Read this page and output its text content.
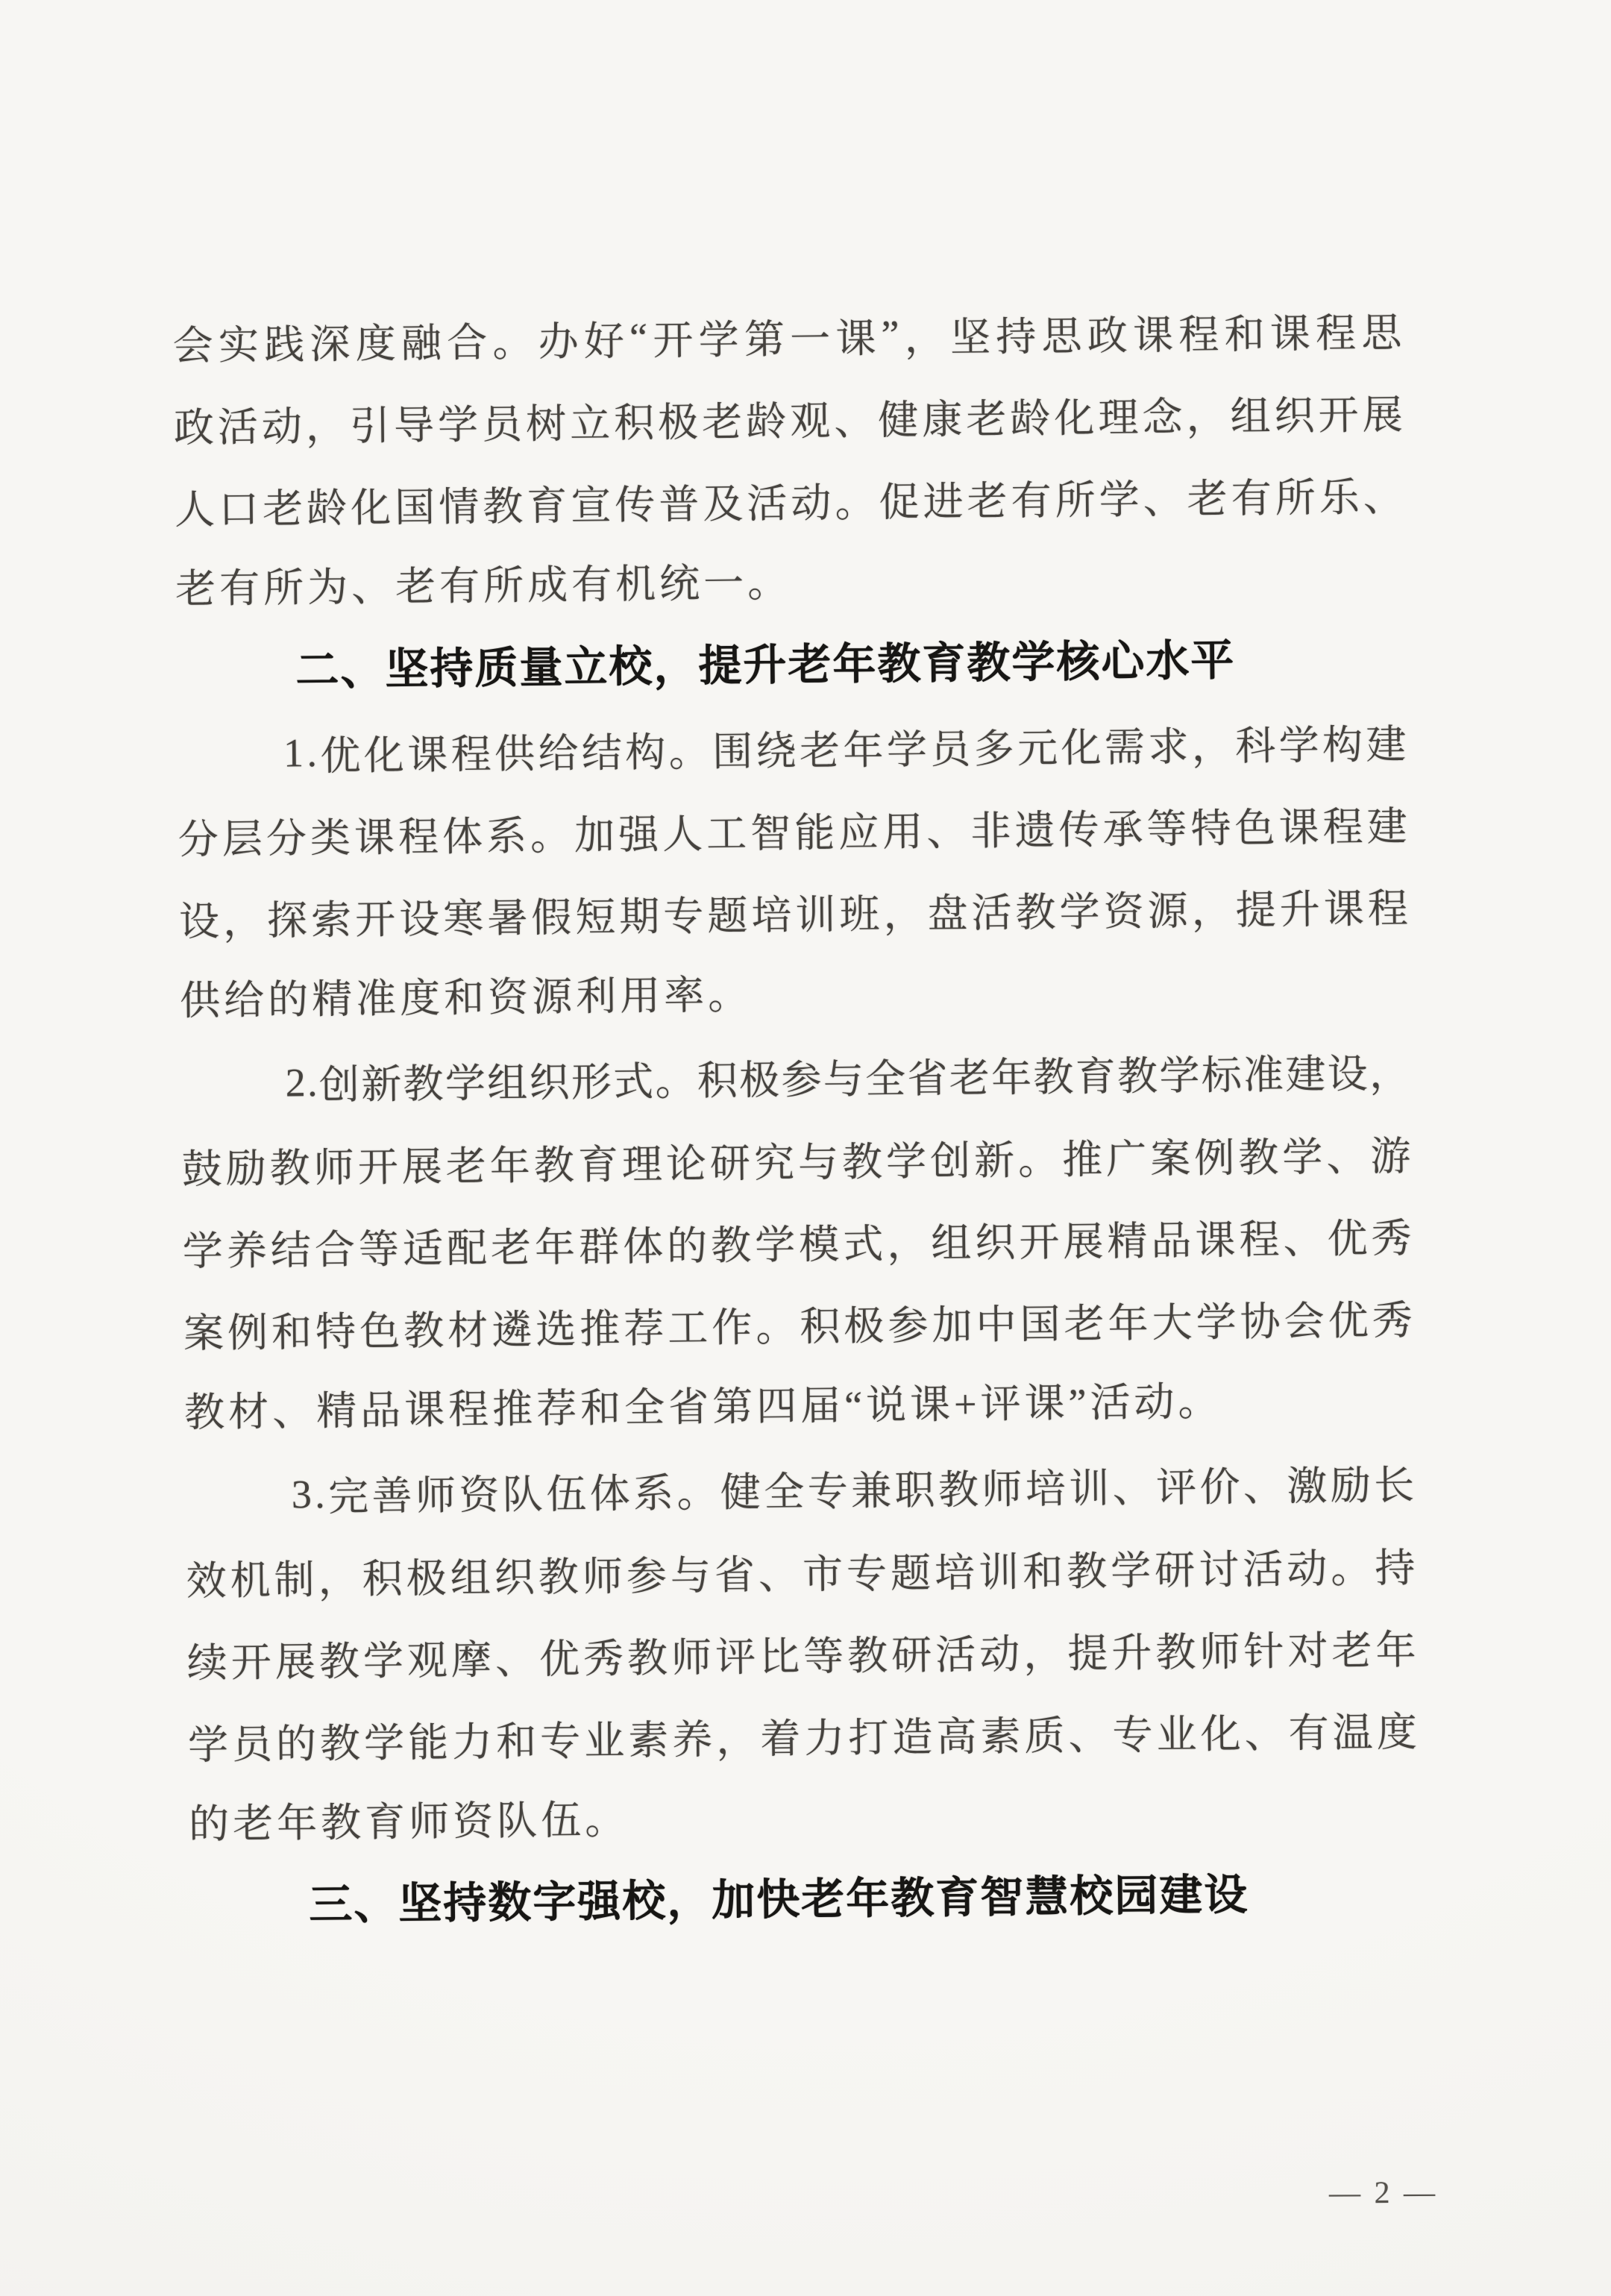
会 实 践 深 度 融 合 。 办 好 “ 开 学 第 一 课 ” ， 坚 持 思 政 课 程 和 课 程 思
政 活 动 ， 引 导 学 员 树 立 积 极 老 龄 观 、 健 康 老 龄 化 理 念 ， 组 织 开 展
人 口 老 龄 化 国 情 教 育 宣 传 普 及 活 动 。 促 进 老 有 所 学 、 老 有 所 乐 、
老有所为、老有所成有机统一。
二、坚持质量立校，提升老年教育教学核心水平
1 . 优 化 课 程 供 给 结 构 。 围 绕 老 年 学 员 多 元 化 需 求 ， 科 学 构 建
分 层 分 类 课 程 体 系 。 加 强 人 工 智 能 应 用 、 非 遗 传 承 等 特 色 课 程 建
设 ， 探 索 开 设 寒 暑 假 短 期 专 题 培 训 班 ， 盘 活 教 学 资 源 ， 提 升 课 程
供给的精准度和资源利用率。
2 . 创 新 教 学 组 织 形 式 。 积 极 参 与 全 省 老 年 教 育 教 学 标 准 建 设 ，
鼓 励 教 师 开 展 老 年 教 育 理 论 研 究 与 教 学 创 新 。 推 广 案 例 教 学 、 游
学 养 结 合 等 适 配 老 年 群 体 的 教 学 模 式 ， 组 织 开 展 精 品 课 程 、 优 秀
案 例 和 特 色 教 材 遴 选 推 荐 工 作 。 积 极 参 加 中 国 老 年 大 学 协 会 优 秀
教材、精品课程推荐和全省第四届“说课+评课”活动。
3 . 完 善 师 资 队 伍 体 系 。 健 全 专 兼 职 教 师 培 训 、 评 价 、 激 励 长
效 机 制 ， 积 极 组 织 教 师 参 与 省 、 市 专 题 培 训 和 教 学 研 讨 活 动 。 持
续 开 展 教 学 观 摩 、 优 秀 教 师 评 比 等 教 研 活 动 ， 提 升 教 师 针 对 老 年
学 员 的 教 学 能 力 和 专 业 素 养 ， 着 力 打 造 高 素 质 、 专 业 化 、 有 温 度
的老年教育师资队伍。
三、坚持数字强校，加快老年教育智慧校园建设
— 2 —
